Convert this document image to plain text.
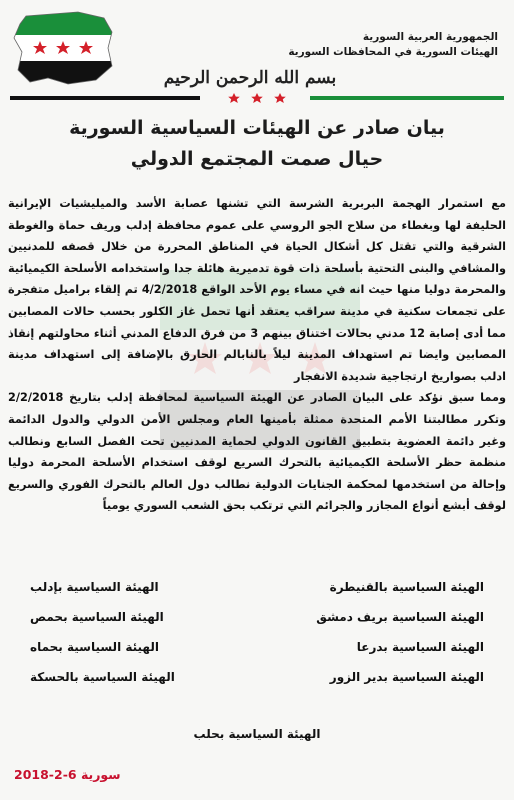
الجمهورية العربية السورية
الهيئات السورية في المحافظات السورية
بسم الله الرحمن الرحيم
بيان صادر عن الهيئات السياسية السورية
حيال صمت المجتمع الدولي

مع استمرار الهجمة البربرية الشرسة التي تشنها عصابة الأسد والميليشيات الإيرانية الحليفة لها وبغطاء من سلاح الجو الروسي على عموم محافظة إدلب وريف حماة والغوطة الشرقية والتي تقتل كل أشكال الحياة في المناطق المحررة من خلال قصفه للمدنيين والمشافي والبنى التحتية بأسلحة ذات قوة تدميرية هائلة جدا واستخدامه الأسلحة الكيميائية والمحرمة دوليا منها حيث انه في مساء يوم الأحد الواقع 4/2/2018 تم إلقاء براميل متفجرة على تجمعات سكنية في مدينة سراقب يعتقد أنها تحمل غاز الكلور بحسب حالات المصابين مما أدى إصابة 12 مدني بحالات اختناق بينهم 3 من فرق الدفاع المدني أثناء محاولتهم إنقاذ المصابين وايضا تم استهداف المدينة ليلاً بالنابالم الحارق بالإضافة إلى استهداف مدينة ادلب بصواريخ ارتجاجية شديدة الانفجار

ومما سبق نؤكد على البيان الصادر عن الهيئة السياسية لمحافظة إدلب بتاريخ 2/2/2018 وتكرر مطالبتنا الأمم المتحدة ممثلة بأمينها العام ومجلس الأمن الدولي والدول الدائمة وغير دائمة العضوية بتطبيق القانون الدولي لحماية المدنيين تحت الفصل السابع ونطالب منظمة حظر الأسلحة الكيميائية بالتحرك السريع لوقف استخدام الأسلحة المحرمة دوليا وإحالة من استخدمها لمحكمة الجنايات الدولية نطالب دول العالم بالتحرك الفوري والسريع لوقف أبشع أنواع المجازر والجرائم التي ترتكب بحق الشعب السوري يومياً

الهيئة السياسية بالقنيطرة
الهيئة السياسية بريف دمشق
الهيئة السياسية بدرعا
الهيئة السياسية بدير الزور
الهيئة السياسية بإدلب
الهيئة السياسية بحمص
الهيئة السياسية بحماه
الهيئة السياسية بالحسكة
الهيئة السياسية بحلب
سورية 6-2-2018
